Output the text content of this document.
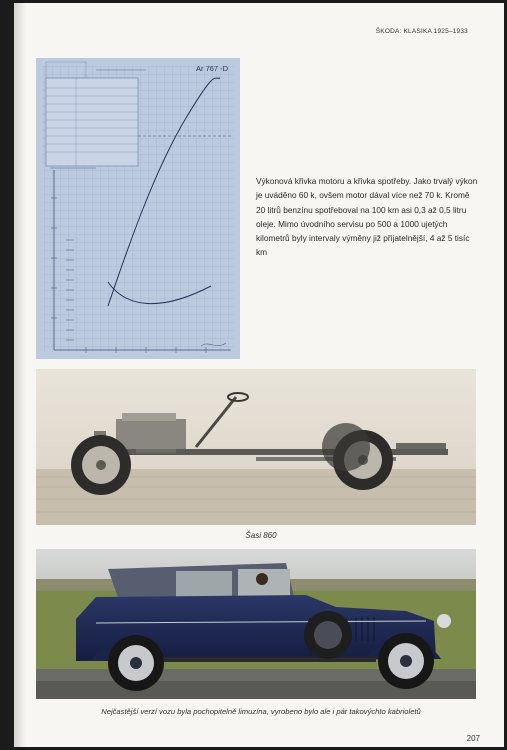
ŠKODA: KLASIKA 1925–1933
Ar 767 -D
Výkonová křivka motoru a křivka spotřeby. Jako trvalý výkon je uváděno 60 k, ovšem motor dával více než 70 k. Kromě 20 litrů benzínu spotřeboval na 100 km asi 0,3 až 0,5 litru oleje. Mimo úvodního servisu po 500 a 1000 ujetých kilometrů byly intervaly výměny již přijatelnější, 4 až 5 tisíc km
Šasi 860
Nejčastější verzí vozu byla pochopitelně limuzína, vyrobeno bylo ale i pár takovýchto kabrioletů
207
